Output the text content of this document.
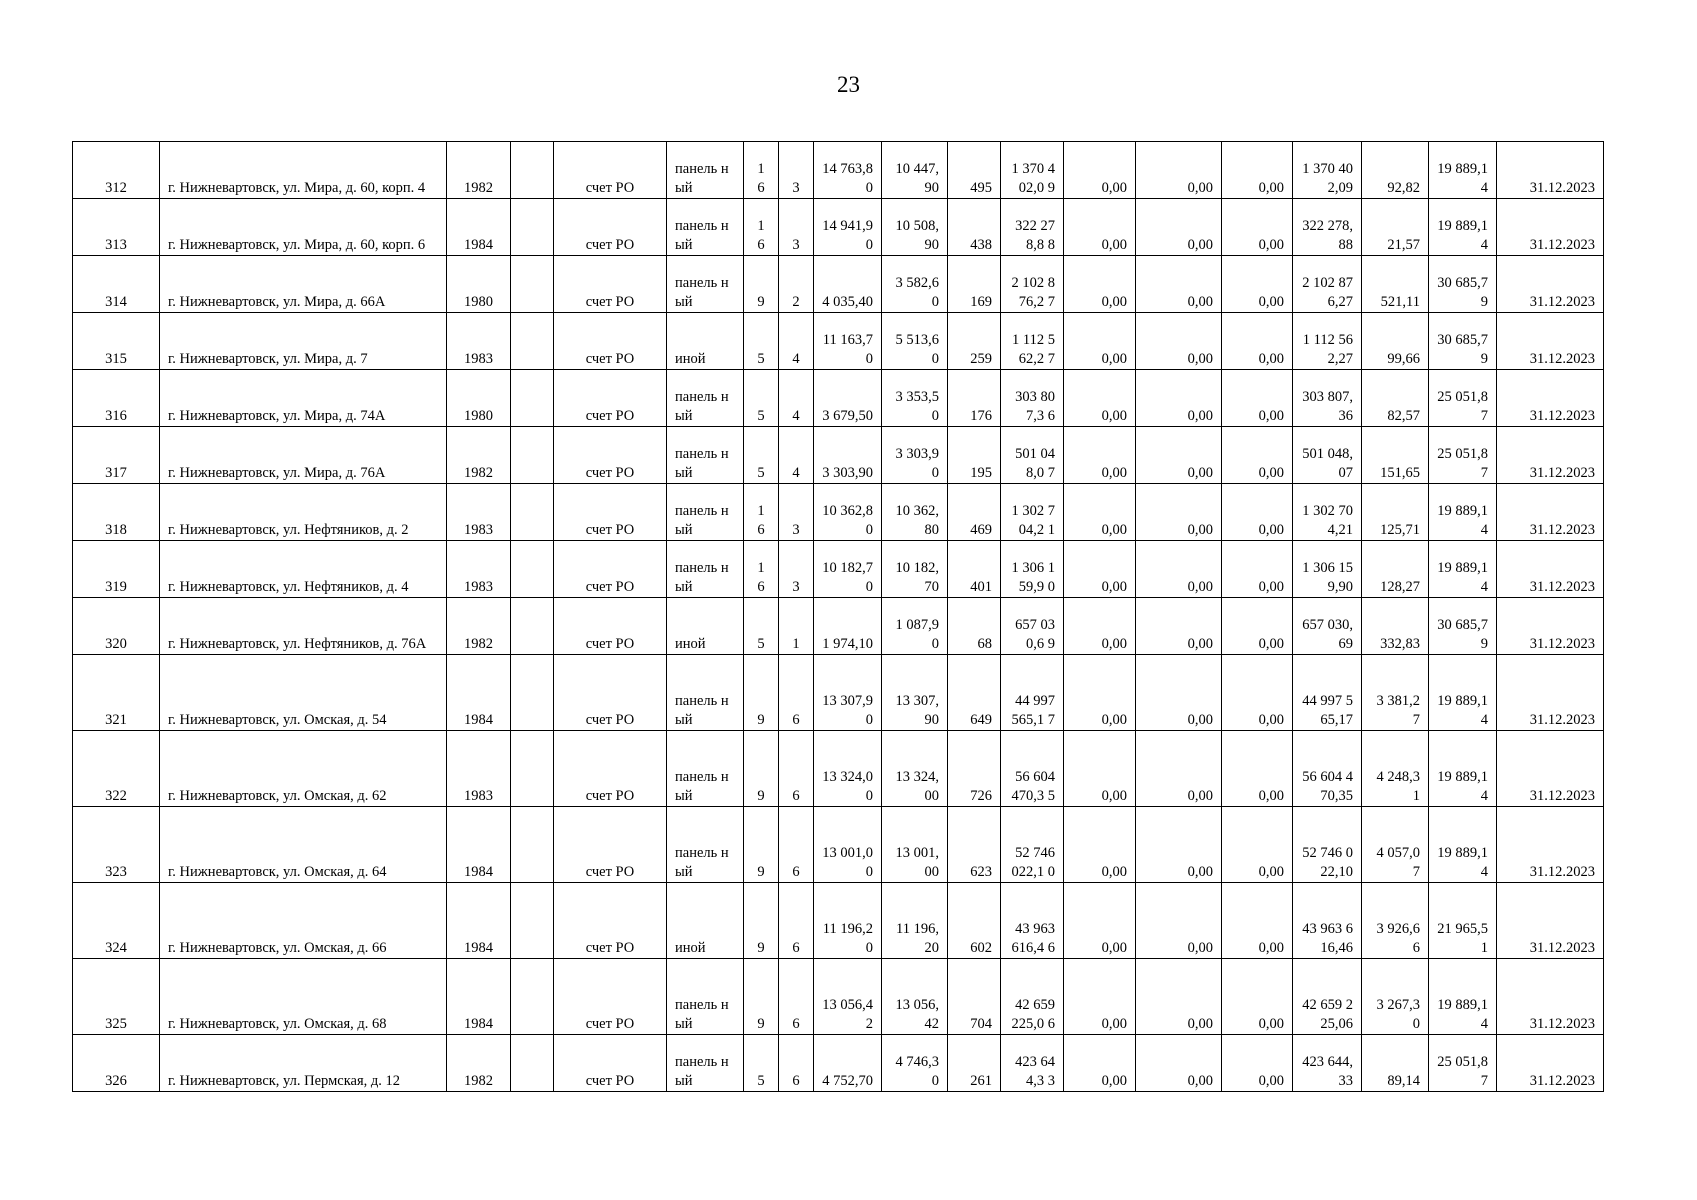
23
312	г. Нижневартовск, ул. Мира, д. 60, корп. 4	1982		счет РО	панель ный	1 6	3	14 763,80	10 447,90	495	1 370 402,0 9	0,00	0,00	0,00	1 370 402,09	92,82	19 889,14	31.12.2023
313	г. Нижневартовск, ул. Мира, д. 60, корп. 6	1984		счет РО	панель ный	1 6	3	14 941,90	10 508,90	438	322 278,8 8	0,00	0,00	0,00	322 278,88	21,57	19 889,14	31.12.2023
314	г. Нижневартовск, ул. Мира, д. 66А	1980		счет РО	панель ный	9	2	4 035,40	3 582,60	169	2 102 876,2 7	0,00	0,00	0,00	2 102 876,27	521,11	30 685,79	31.12.2023
315	г. Нижневартовск, ул. Мира, д. 7	1983		счет РО	иной	5	4	11 163,70	5 513,60	259	1 112 562,2 7	0,00	0,00	0,00	1 112 562,27	99,66	30 685,79	31.12.2023
316	г. Нижневартовск, ул. Мира, д. 74А	1980		счет РО	панель ный	5	4	3 679,50	3 353,50	176	303 807,3 6	0,00	0,00	0,00	303 807,36	82,57	25 051,87	31.12.2023
317	г. Нижневартовск, ул. Мира, д. 76А	1982		счет РО	панель ный	5	4	3 303,90	3 303,90	195	501 048,0 7	0,00	0,00	0,00	501 048,07	151,65	25 051,87	31.12.2023
318	г. Нижневартовск, ул. Нефтяников, д. 2	1983		счет РО	панель ный	1 6	3	10 362,80	10 362,80	469	1 302 704,2 1	0,00	0,00	0,00	1 302 704,21	125,71	19 889,14	31.12.2023
319	г. Нижневартовск, ул. Нефтяников, д. 4	1983		счет РО	панель ный	1 6	3	10 182,70	10 182,70	401	1 306 159,9 0	0,00	0,00	0,00	1 306 159,90	128,27	19 889,14	31.12.2023
320	г. Нижневартовск, ул. Нефтяников, д. 76А	1982		счет РО	иной	5	1	1 974,10	1 087,90	68	657 030,6 9	0,00	0,00	0,00	657 030,69	332,83	30 685,79	31.12.2023
321	г. Нижневартовск, ул. Омская, д. 54	1984		счет РО	панель ный	9	6	13 307,90	13 307,90	649	44 997 565,1 7	0,00	0,00	0,00	44 997 565,17	3 381,27	19 889,14	31.12.2023
322	г. Нижневартовск, ул. Омская, д. 62	1983		счет РО	панель ный	9	6	13 324,00	13 324,00	726	56 604 470,3 5	0,00	0,00	0,00	56 604 470,35	4 248,31	19 889,14	31.12.2023
323	г. Нижневартовск, ул. Омская, д. 64	1984		счет РО	панель ный	9	6	13 001,00	13 001,00	623	52 746 022,1 0	0,00	0,00	0,00	52 746 022,10	4 057,07	19 889,14	31.12.2023
324	г. Нижневартовск, ул. Омская, д. 66	1984		счет РО	иной	9	6	11 196,20	11 196,20	602	43 963 616,4 6	0,00	0,00	0,00	43 963 616,46	3 926,66	21 965,51	31.12.2023
325	г. Нижневартовск, ул. Омская, д. 68	1984		счет РО	панель ный	9	6	13 056,42	13 056,42	704	42 659 225,0 6	0,00	0,00	0,00	42 659 225,06	3 267,30	19 889,14	31.12.2023
326	г. Нижневартовск, ул. Пермская, д. 12	1982		счет РО	панель ный	5	6	4 752,70	4 746,30	261	423 644,3 3	0,00	0,00	0,00	423 644,33	89,14	25 051,87	31.12.2023
